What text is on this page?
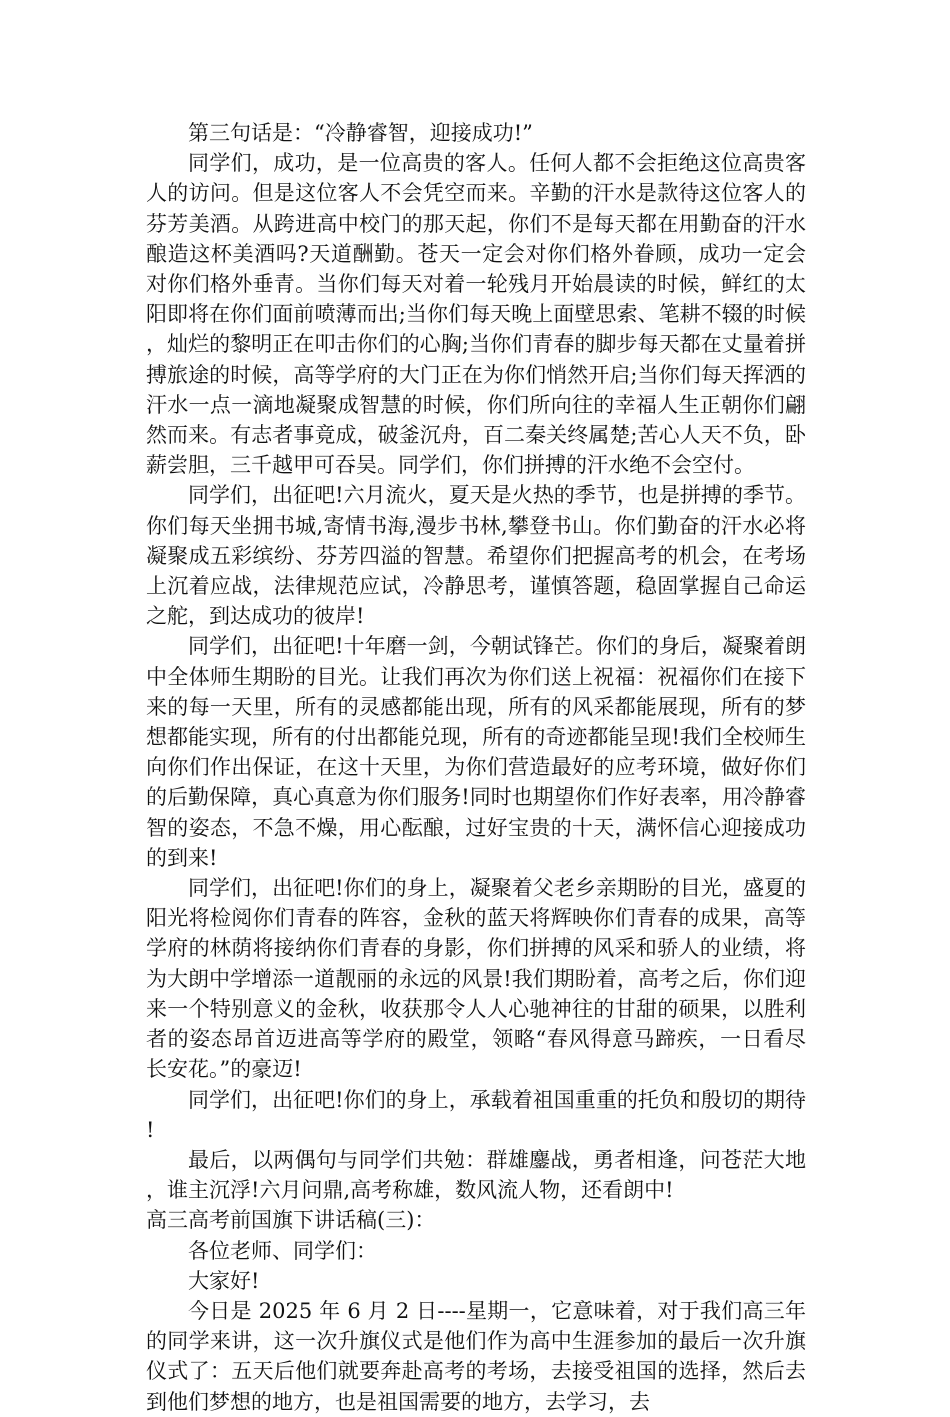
第三句话是：“冷静睿智，迎接成功!”

同学们，成功，是一位高贵的客人。任何人都不会拒绝这位高贵客人的访问。但是这位客人不会凭空而来。辛勤的汗水是款待这位客人的芬芳美酒。从跨进高中校门的那天起，你们不是每天都在用勤奋的汗水酿造这杯美酒吗?天道酬勤。苍天一定会对你们格外眷顾，成功一定会对你们格外垂青。当你们每天对着一轮残月开始晨读的时候，鲜红的太阳即将在你们面前喷薄而出;当你们每天晚上面壁思索、笔耕不辍的时候，灿烂的黎明正在叩击你们的心胸;当你们青春的脚步每天都在丈量着拼搏旅途的时候，高等学府的大门正在为你们悄然开启;当你们每天挥洒的汗水一点一滴地凝聚成智慧的时候，你们所向往的幸福人生正朝你们翩然而来。有志者事竟成，破釜沉舟，百二秦关终属楚;苦心人天不负，卧薪尝胆，三千越甲可吞吴。同学们，你们拼搏的汗水绝不会空付。

同学们，出征吧!六月流火，夏天是火热的季节，也是拼搏的季节。你们每天坐拥书城,寄情书海,漫步书林,攀登书山。你们勤奋的汗水必将凝聚成五彩缤纷、芬芳四溢的智慧。希望你们把握高考的机会，在考场上沉着应战，法律规范应试，冷静思考，谨慎答题，稳固掌握自己命运之舵，到达成功的彼岸!

同学们，出征吧!十年磨一剑，今朝试锋芒。你们的身后，凝聚着朗中全体师生期盼的目光。让我们再次为你们送上祝福：祝福你们在接下来的每一天里，所有的灵感都能出现，所有的风采都能展现，所有的梦想都能实现，所有的付出都能兑现，所有的奇迹都能呈现!我们全校师生向你们作出保证，在这十天里，为你们营造最好的应考环境，做好你们的后勤保障，真心真意为你们服务!同时也期望你们作好表率，用冷静睿智的姿态，不急不燥，用心酝酿，过好宝贵的十天，满怀信心迎接成功的到来!

同学们，出征吧!你们的身上，凝聚着父老乡亲期盼的目光，盛夏的阳光将检阅你们青春的阵容，金秋的蓝天将辉映你们青春的成果，高等学府的林荫将接纳你们青春的身影，你们拼搏的风采和骄人的业绩，将为大朗中学增添一道靓丽的永远的风景!我们期盼着，高考之后，你们迎来一个特别意义的金秋，收获那令人人心驰神往的甘甜的硕果，以胜利者的姿态昂首迈进高等学府的殿堂，领略“春风得意马蹄疾，一日看尽长安花。”的豪迈!

同学们，出征吧!你们的身上，承载着祖国重重的托负和殷切的期待!

最后，以两偶句与同学们共勉：群雄鏖战，勇者相逢，问苍茫大地，谁主沉浮!六月问鼎,高考称雄，数风流人物，还看朗中!

高三高考前国旗下讲话稿(三)：

各位老师、同学们：

大家好!

今日是 2025 年 6 月 2 日----星期一，它意味着，对于我们高三年的同学来讲，这一次升旗仪式是他们作为高中生涯参加的最后一次升旗仪式了：五天后他们就要奔赴高考的考场，去接受祖国的选择，然后去到他们梦想的地方，也是祖国需要的地方，去学习，去
